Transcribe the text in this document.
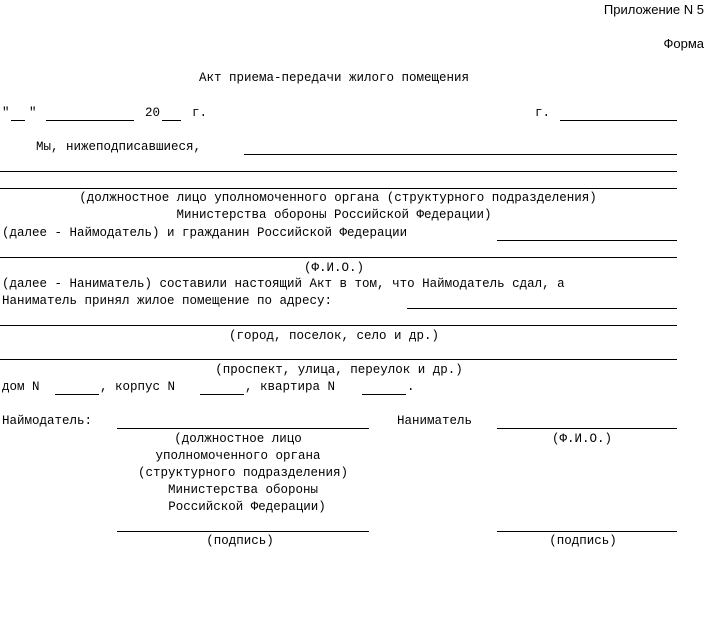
Приложение N 5
Форма
Акт приема-передачи жилого помещения
" "	20	г.	г.
Мы, нижеподписавшиеся,
(должностное лицо уполномоченного органа (структурного подразделения)
Министерства обороны Российской Федерации)
(далее - Наймодатель) и гражданин Российской Федерации
(Ф.И.О.)
(далее - Наниматель) составили настоящий Акт в том, что Наймодатель сдал, а
Наниматель принял жилое помещение по адресу:
(город, поселок, село и др.)
(проспект, улица, переулок и др.)
дом N	, корпус N	, квартира N	.
Наймодатель:	Наниматель
(должностное лицо
уполномоченного органа
(структурного подразделения)
Министерства обороны
Российской Федерации)
(Ф.И.О.)
(подпись)	(подпись)
